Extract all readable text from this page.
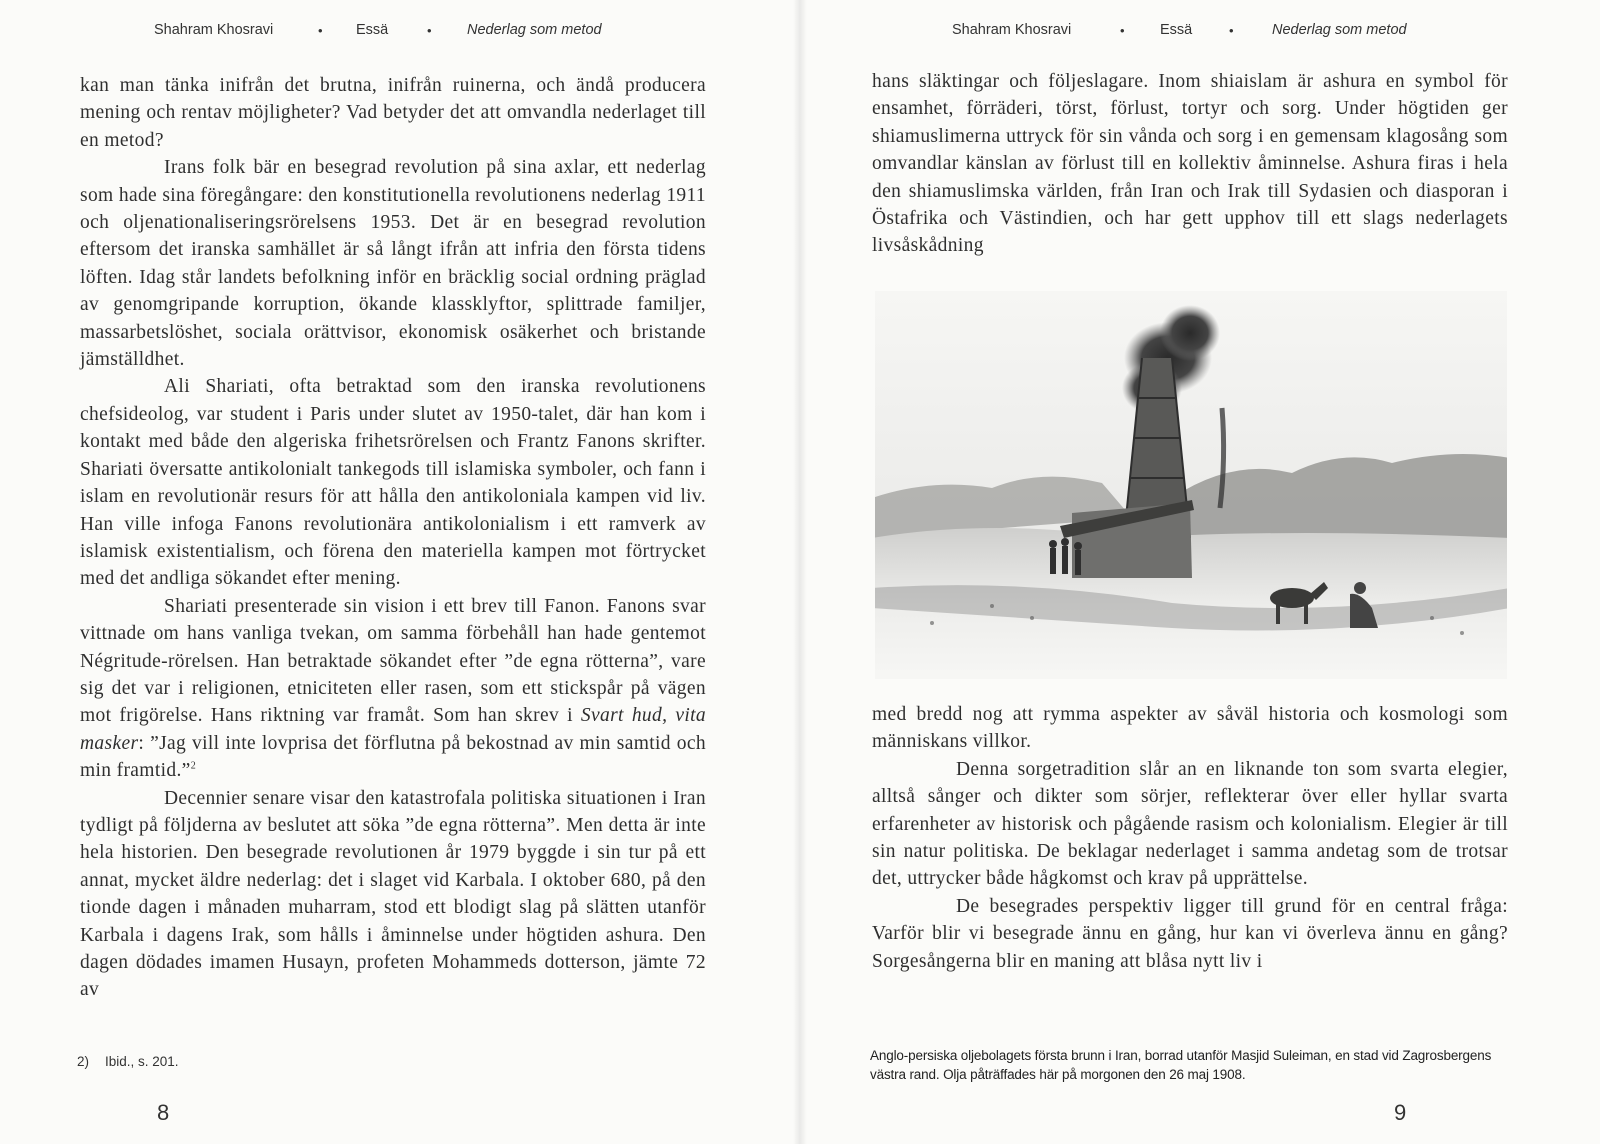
Shahram Khosravi	• Essä	• Nederlag som metod

kan man tänka inifrån det brutna, inifrån ruinerna, och ändå producera mening och rentav möjligheter? Vad betyder det att omvandla nederlaget till en metod?

Irans folk bär en besegrad revolution på sina axlar, ett nederlag som hade sina föregångare: den konstitutionella revolutionens nederlag 1911 och oljenationaliseringsrörelsens 1953. Det är en besegrad revolution eftersom det iranska samhället är så långt ifrån att infria den första tidens löften. Idag står landets befolkning inför en bräcklig social ordning präglad av genomgripande korruption, ökande klassklyftor, splittrade familjer, massarbetslöshet, sociala orättvisor, ekonomisk osäkerhet och bristande jämställdhet.

Ali Shariati, ofta betraktad som den iranska revolutionens chefsideolog, var student i Paris under slutet av 1950-talet, där han kom i kontakt med både den algeriska frihetsrörelsen och Frantz Fanons skrifter. Shariati översatte antikolonialt tankegods till islamiska symboler, och fann i islam en revolutionär resurs för att hålla den antikoloniala kampen vid liv. Han ville infoga Fanons revolutionära antikolonialism i ett ramverk av islamisk existentialism, och förena den materiella kampen mot förtrycket med det andliga sökandet efter mening.

Shariati presenterade sin vision i ett brev till Fanon. Fanons svar vittnade om hans vanliga tvekan, om samma förbehåll han hade gentemot Négritude-rörelsen. Han betraktade sökandet efter ”de egna rötterna”, vare sig det var i religionen, etniciteten eller rasen, som ett stickspår på vägen mot frigörelse. Hans riktning var framåt. Som han skrev i Svart hud, vita masker: ”Jag vill inte lovprisa det förflutna på bekostnad av min samtid och min framtid.”$^2$

Decennier senare visar den katastrofala politiska situationen i Iran tydligt på följderna av beslutet att söka ”de egna rötterna”. Men detta är inte hela historien. Den besegrade revolutionen år 1979 byggde i sin tur på ett annat, mycket äldre nederlag: det i slaget vid Karbala. I oktober 680, på den tionde dagen i månaden muharram, stod ett blodigt slag på slätten utanför Karbala i dagens Irak, som hålls i åminnelse under högtiden ashura. Den dagen dödades imamen Husayn, profeten Mohammeds dotterson, jämte 72 av

2) Ibid., s. 201.
8
Shahram Khosravi	• Essä	•	Nederlag som metod

hans släktingar och följeslagare. Inom shiaislam är ashura en symbol för ensamhet, förräderi, törst, förlust, tortyr och sorg. Under högtiden ger shiamuslimerna uttryck för sin vånda och sorg i en gemensam klagosång som omvandlar känslan av förlust till en kollektiv åminnelse. Ashura firas i hela den shiamuslimska världen, från Iran och Irak till Sydasien och diasporan i Östafrika och Västindien, och har gett upphov till ett slags nederlagets livsåskådning

med bredd nog att rymma aspekter av såväl historia och kosmologi som människans villkor.

Denna sorgetradition slår an en liknande ton som svarta elegier, alltså sånger och dikter som sörjer, reflekterar över eller hyllar svarta erfarenheter av historisk och pågående rasism och kolonialism. Elegier är till sin natur politiska. De beklagar nederlaget i samma andetag som de trotsar det, uttrycker både hågkomst och krav på upprättelse.

De besegrades perspektiv ligger till grund för en central fråga: Varför blir vi besegrade ännu en gång, hur kan vi överleva ännu en gång? Sorgesångerna blir en maning att blåsa nytt liv i

Anglo-persiska oljebolagets första brunn i Iran, borrad utanför Masjid Suleiman, en stad vid Zagrosbergens västra rand. Olja påträffades här på morgonen den 26 maj 1908.
9
